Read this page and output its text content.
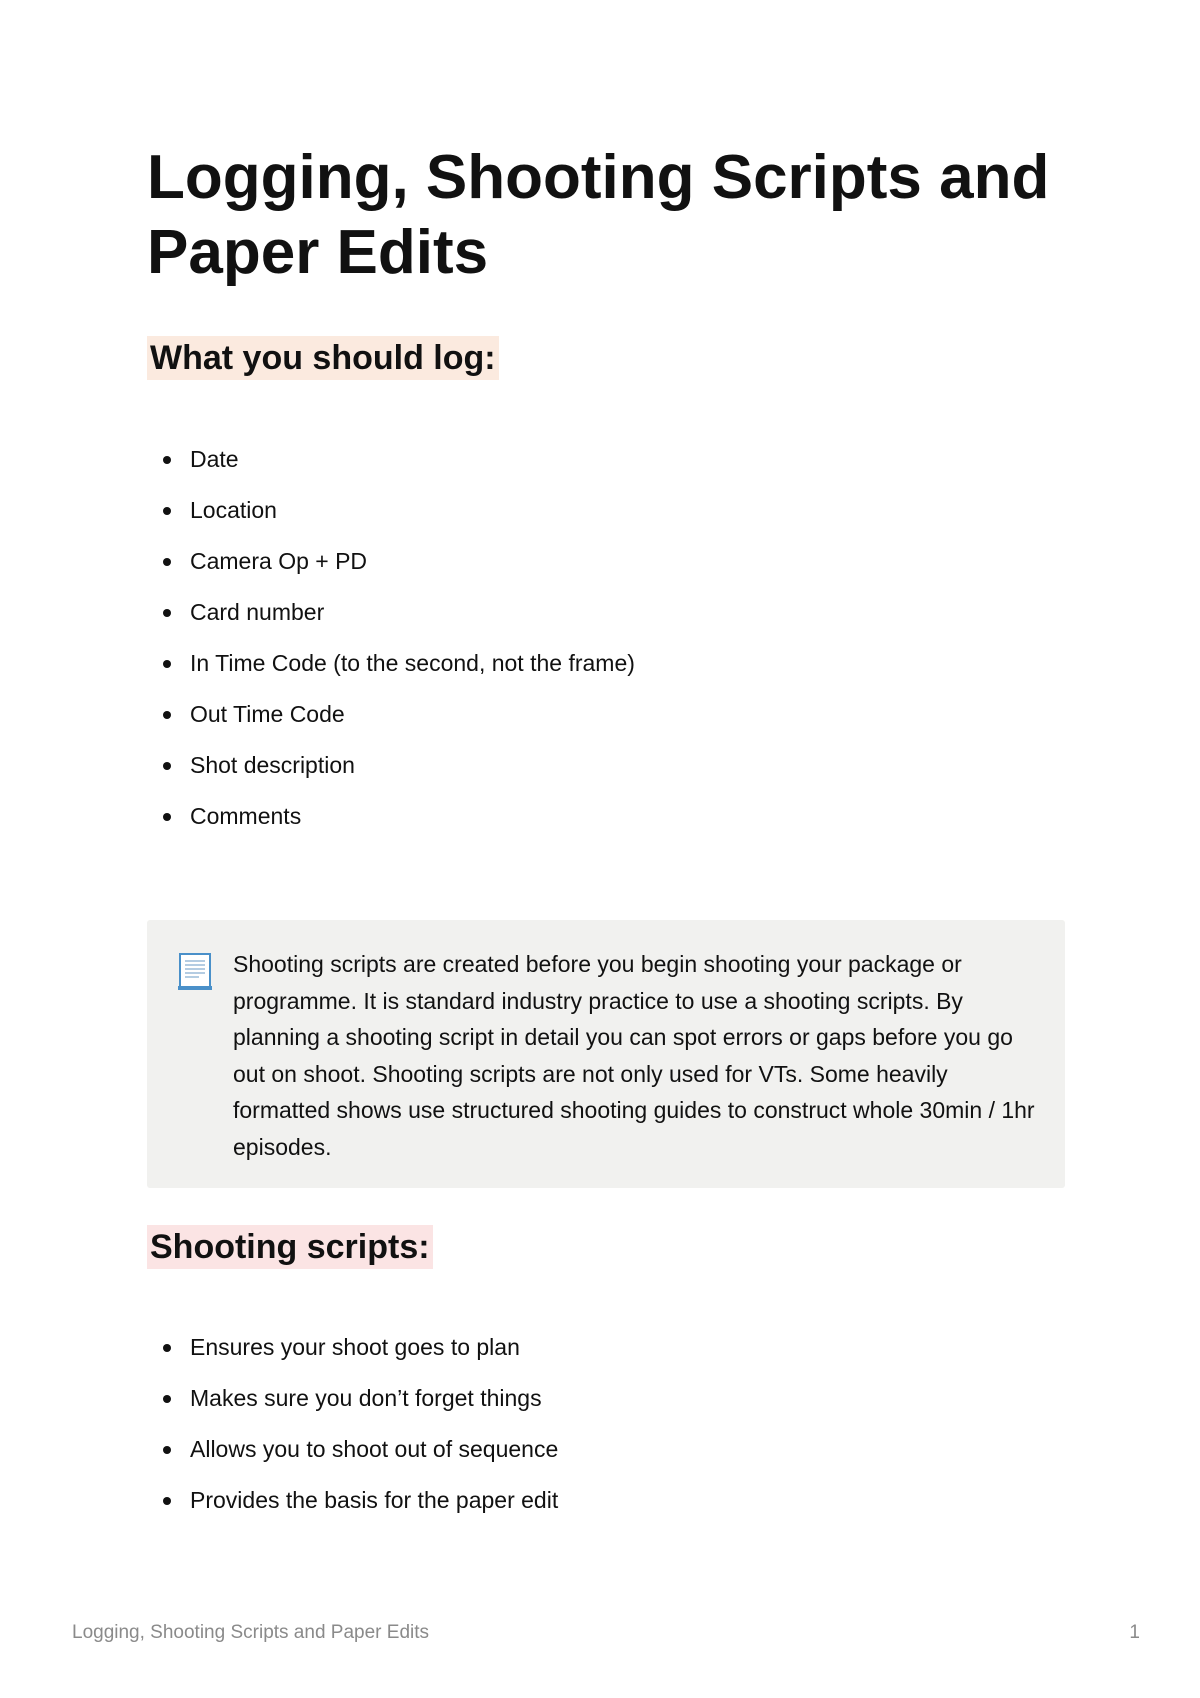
Logging, Shooting Scripts and Paper Edits
What you should log:
Date
Location
Camera Op + PD
Card number
In Time Code (to the second, not the frame)
Out Time Code
Shot description
Comments

Shooting scripts are created before you begin shooting your package or programme. It is standard industry practice to use a shooting scripts. By planning a shooting script in detail you can spot errors or gaps before you go out on shoot. Shooting scripts are not only used for VTs. Some heavily formatted shows use structured shooting guides to construct whole 30min / 1hr episodes.

Shooting scripts:
Ensures your shoot goes to plan
Makes sure you don’t forget things
Allows you to shoot out of sequence
Provides the basis for the paper edit
Logging, Shooting Scripts and Paper Edits	1
